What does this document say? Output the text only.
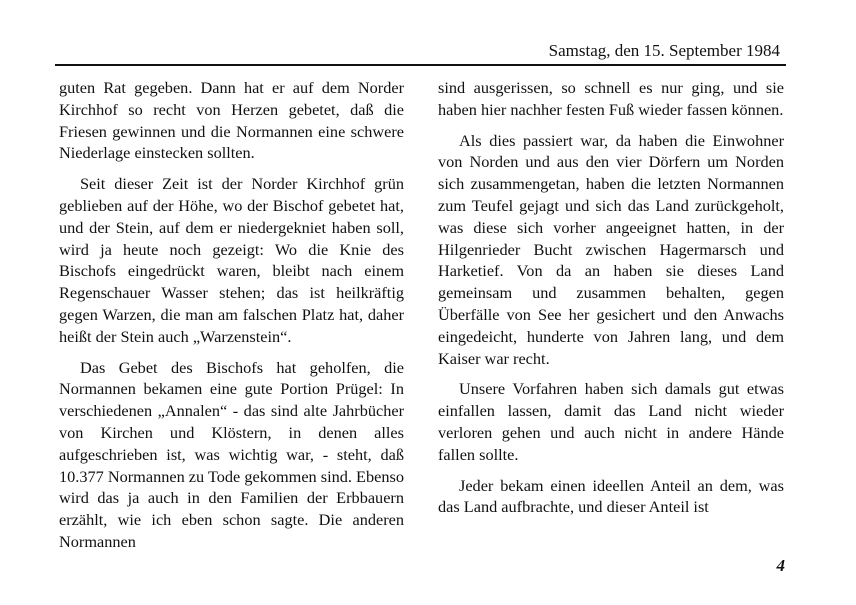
Samstag, den 15. September 1984

guten Rat gegeben. Dann hat er auf dem Norder Kirchhof so recht von Herzen gebetet, daß die Friesen gewinnen und die Normannen eine schwere Niederlage einstecken sollten.

Seit dieser Zeit ist der Norder Kirchhof grün geblieben auf der Höhe, wo der Bischof gebetet hat, und der Stein, auf dem er niedergekniet haben soll, wird ja heute noch gezeigt: Wo die Knie des Bischofs eingedrückt waren, bleibt nach einem Regenschauer Wasser stehen; das ist heilkräftig gegen Warzen, die man am falschen Platz hat, daher heißt der Stein auch „Warzenstein“.

Das Gebet des Bischofs hat geholfen, die Normannen bekamen eine gute Portion Prügel: In verschiedenen „Annalen“ - das sind alte Jahrbücher von Kirchen und Klöstern, in denen alles aufgeschrieben ist, was wichtig war, - steht, daß 10.377 Normannen zu Tode gekommen sind. Ebenso wird das ja auch in den Familien der Erbbauern erzählt, wie ich eben schon sagte. Die anderen Normannen

sind ausgerissen, so schnell es nur ging, und sie haben hier nachher festen Fuß wieder fassen können.

Als dies passiert war, da haben die Einwohner von Norden und aus den vier Dörfern um Norden sich zusammengetan, haben die letzten Normannen zum Teufel gejagt und sich das Land zurückgeholt, was diese sich vorher angeeignet hatten, in der Hilgenrieder Bucht zwischen Hagermarsch und Harketief. Von da an haben sie dieses Land gemeinsam und zusammen behalten, gegen Überfälle von See her gesichert und den Anwachs eingedeicht, hunderte von Jahren lang, und dem Kaiser war recht.

Unsere Vorfahren haben sich damals gut etwas einfallen lassen, damit das Land nicht wieder verloren gehen und auch nicht in andere Hände fallen sollte.

Jeder bekam einen ideellen Anteil an dem, was das Land aufbrachte, und dieser Anteil ist

4
